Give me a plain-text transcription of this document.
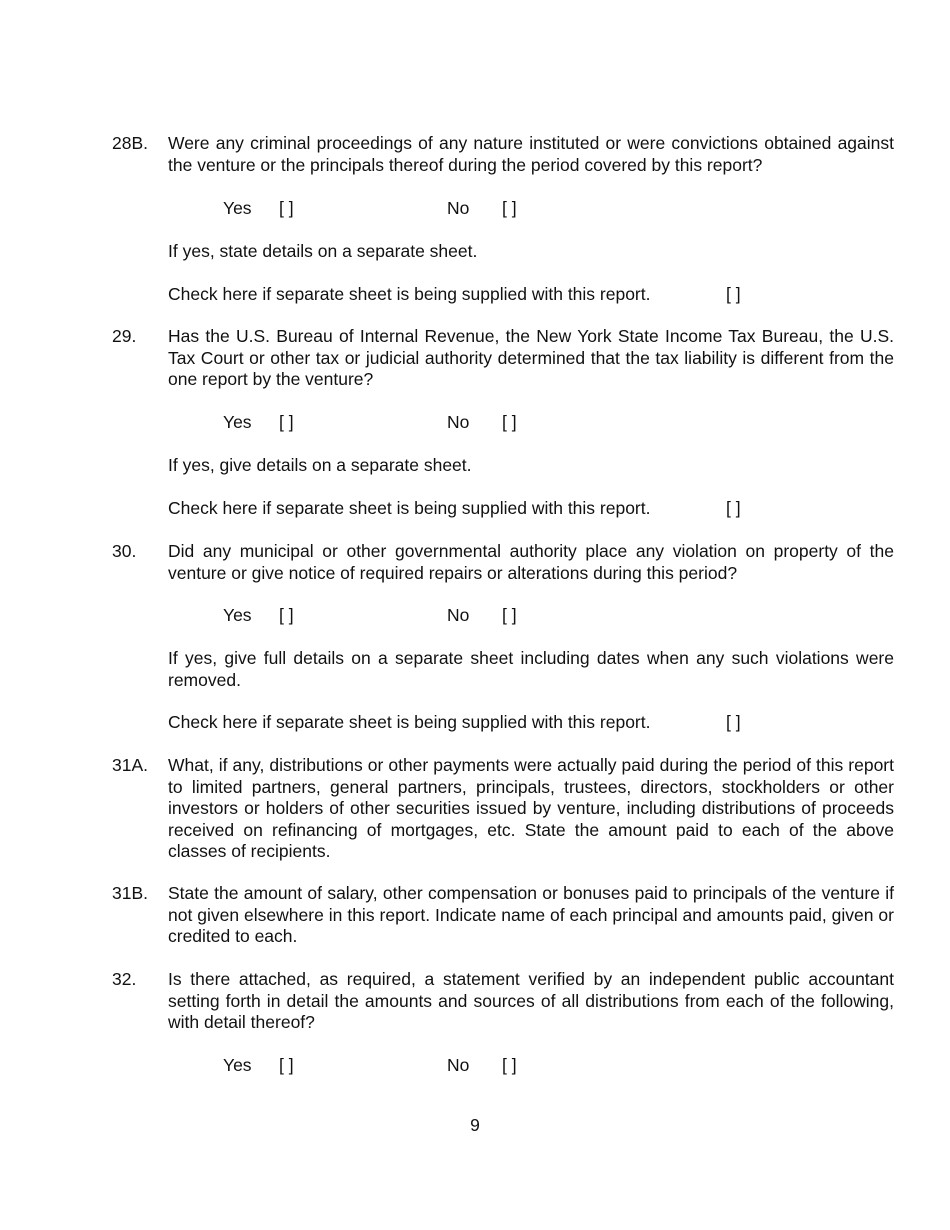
28B. Were any criminal proceedings of any nature instituted or were convictions obtained against the venture or the principals thereof during the period covered by this report?
Yes [ ]	No [ ]
If yes, state details on a separate sheet.
Check here if separate sheet is being supplied with this report.	[ ]
29. Has the U.S. Bureau of Internal Revenue, the New York State Income Tax Bureau, the U.S. Tax Court or other tax or judicial authority determined that the tax liability is different from the one report by the venture?
Yes [ ]	No [ ]
If yes, give details on a separate sheet.
Check here if separate sheet is being supplied with this report.	[ ]
30. Did any municipal or other governmental authority place any violation on property of the venture or give notice of required repairs or alterations during this period?
Yes [ ]	No [ ]
If yes, give full details on a separate sheet including dates when any such violations were removed.
Check here if separate sheet is being supplied with this report.	[ ]
31A. What, if any, distributions or other payments were actually paid during the period of this report to limited partners, general partners, principals, trustees, directors, stockholders or other investors or holders of other securities issued by venture, including distributions of proceeds received on refinancing of mortgages, etc. State the amount paid to each of the above classes of recipients.
31B. State the amount of salary, other compensation or bonuses paid to principals of the venture if not given elsewhere in this report. Indicate name of each principal and amounts paid, given or credited to each.
32. Is there attached, as required, a statement verified by an independent public accountant setting forth in detail the amounts and sources of all distributions from each of the following, with detail thereof?
Yes [ ]	No [ ]
9
